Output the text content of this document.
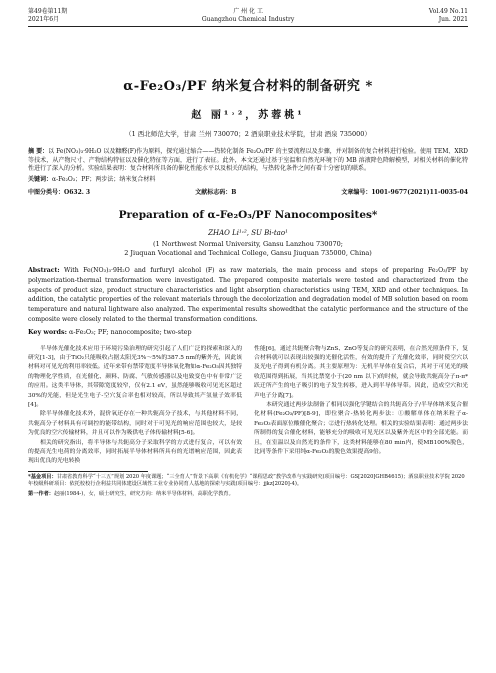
第49卷第11期
2021年6月
广 州 化 工
Guangzhou Chemical Industry
Vol.49 No.11
Jun. 2021
α-Fe₂O₃/PF 纳米复合材料的制备研究 *
赵 丽¹˒²，苏蓉桃¹
（1 西北师范大学，甘肃 兰州 730070；2 酒泉职业技术学院，甘肃 酒泉 735000）
摘 要：以 Fe(NO₃)₃·9H₂O 以及糠醛(F)作为原料，探究通过缩合——热转化制备 Fe₂O₃/PF 的主要流程以及步骤，并对制备的复合材料进行检验。使用 TEM、XRD 等技术，从产物尺寸、产物结构特征以及催化特征等方面，进行了表征。此外，本文还通过基于室温和自然光环境下的 MB 溶液降色降解模型，对相关材料的催化特性进行了深入的分析。实验结果表明：复合材料所具备的催化性能水平以及相关的结构，与热转化条件之间有着十分密切的联系。
关键词：α-Fe₂O₃；PF；两步法；纳米复合材料
中图分类号：O632. 3	文献标志码：B	文章编号：1001-9677(2021)11-0035-04
Preparation of α-Fe₂O₃/PF Nanocomposites*
ZHAO Li¹˒², SU Bi-tao¹
(1 Northwest Normal University, Gansu Lanzhou 730070;
2 Jiuquan Vocational and Technical College, Gansu Jiuquan 735000, China)
Abstract: With Fe(NO₃)₃·9H₂O and furfuryl alcohol (F) as raw materials, the main process and steps of preparing Fe₂O₃/PF by polymerization-thermal transformation were investigated. The prepared composite materials were tested and characterized from the aspects of product size, product structure characteristics and light absorption characteristics using TEM, XRD and other techniques. In addition, the catalytic properties of the relevant materials through the decolorization and degradation model of MB solution based on room temperature and natural lightware also analyzed. The experimental results showedthat the catalytic performance and the structure of the composite were closely related to the thermal transformation conditions.
Key words: α-Fe₂O₃; PF; nanocomposite; two-step

半导体光催化技术应用于环境污染治理的研究引起了人们广泛的探索和深入的研究[1-3]，由于TiO₂只能吸收占据太阳光3%～5%的387.5 nm的紫外光，因此该材料对可见光的利用率较低。近年来带有禁带宽度半导体氧化物如α-Fe₂O₃因其独特的物理化学性质，在光催化、颜料、防腐、气敏传感器以及电致变色中有非常广泛的应用。这类半导体，其带隙宽度较窄，仅有2.1 eV，虽然能够吸收可见光区超过30%的光能，但是光生电子-空穴复合率也相对较高，所以导致其产氢量子效率低[4]。

除半导体催化技术外，混价氧还存在一种共轭高分子技术，与其他材料不同，共轭高分子材料具有可调控的能带结构，同时对于可见光的响应范围也较大，是较为优良的空穴传输材料，并且可以作为吸供电子体传输材料[5-6]。

相关的研究指出，将半导体与共轭高分子采取科学的方式进行复合，可以有效的提高光生电荷的分离效率，同时拓展半导体材料所具有的光谱响应范围，因此表现出优良的光电转换

性能[6]，通过共轭聚合物与ZnS、ZnO等复合的研究表明，在合然光照条件下，复合材料就可以表现出较强的光催化活性，有效的提升了光催化效率，同时使空穴以及光电子得到有机分离。其主要原理为：无机半导体在复合后，其对于可见光的吸收范围得到拓展，当其比禁宽小于(20 nm 以下)的时候，就会导致共轭高分子π-π*跃迁所产生的电子吸引的电子发生转移，进入到半导体导带。因此，造成空穴和光声电子分离[7]。

本研究通过两步法制备了相同以强化学键结合的共轭高分子/半导体纳米复合催化材料(Fe₂O₃/PF)[8-9]，即位聚合-热转化两步法：①酸解单体在纳米粒子α-Fe₂O₃表面原位酸催化聚合；②进行热转化处理。相关的实验结果表明：通过两步法所制得的复合催化材料，能够充分的吸收可见光区以及紫外光区中的全部光能。而且，在室温以及自然光的条件下，这类材料能够在80 min内，使MB100%脱色，比同等条件下采用纯α-Fe₂O₃的脱色效果提高9倍。

*基金项目：甘肃省教育科学“十三五”规划 2020 年度课题；“三全育人”背景下高职《有机化学》“课程思政”教学改革与实践研究(项目编号：GS[2020]GHB4615)；酒泉职业技术学院 2020 年校级科研项目：依托校校行企利益共同体建设区域性工业专业协同育人基地的探索与实践(项目编号：jjkz[2020]-4)。
第一作者：赵丽(1984-)，女，硕士研究生，研究方向：纳米半导体材料，高职化学教育。
